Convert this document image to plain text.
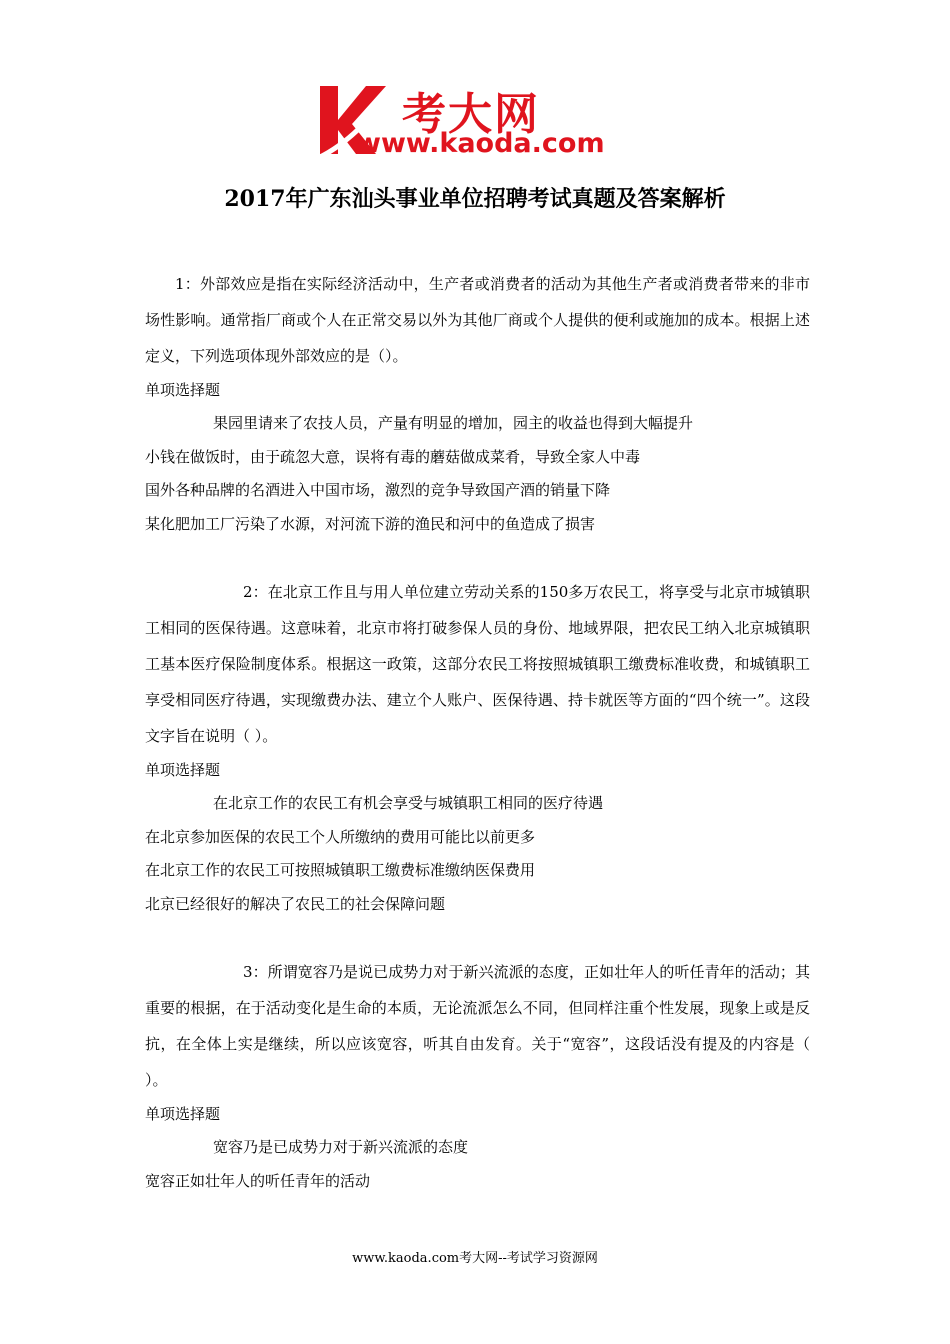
考大网
www.kaoda.com
2017年广东汕头事业单位招聘考试真题及答案解析

1：外部效应是指在实际经济活动中，生产者或消费者的活动为其他生产者或消费者带来的非市场性影响。通常指厂商或个人在正常交易以外为其他厂商或个人提供的便利或施加的成本。根据上述定义，下列选项体现外部效应的是（）。

单项选择题

果园里请来了农技人员，产量有明显的增加，园主的收益也得到大幅提升

小钱在做饭时，由于疏忽大意，误将有毒的蘑菇做成菜肴，导致全家人中毒

国外各种品牌的名酒进入中国市场，激烈的竞争导致国产酒的销量下降

某化肥加工厂污染了水源，对河流下游的渔民和河中的鱼造成了损害

2：在北京工作且与用人单位建立劳动关系的150多万农民工，将享受与北京市城镇职工相同的医保待遇。这意味着，北京市将打破参保人员的身份、地域界限，把农民工纳入北京城镇职工基本医疗保险制度体系。根据这一政策，这部分农民工将按照城镇职工缴费标准收费，和城镇职工享受相同医疗待遇，实现缴费办法、建立个人账户、医保待遇、持卡就医等方面的“四个统一”。这段文字旨在说明（ ）。

单项选择题

在北京工作的农民工有机会享受与城镇职工相同的医疗待遇

在北京参加医保的农民工个人所缴纳的费用可能比以前更多

在北京工作的农民工可按照城镇职工缴费标准缴纳医保费用

北京已经很好的解决了农民工的社会保障问题

3：所谓宽容乃是说已成势力对于新兴流派的态度，正如壮年人的听任青年的活动；其重要的根据，在于活动变化是生命的本质，无论流派怎么不同，但同样注重个性发展，现象上或是反抗，在全体上实是继续，所以应该宽容，听其自由发育。关于“宽容”，这段话没有提及的内容是（ ）。

单项选择题

宽容乃是已成势力对于新兴流派的态度

宽容正如壮年人的听任青年的活动

www.kaoda.com考大网--考试学习资源网
